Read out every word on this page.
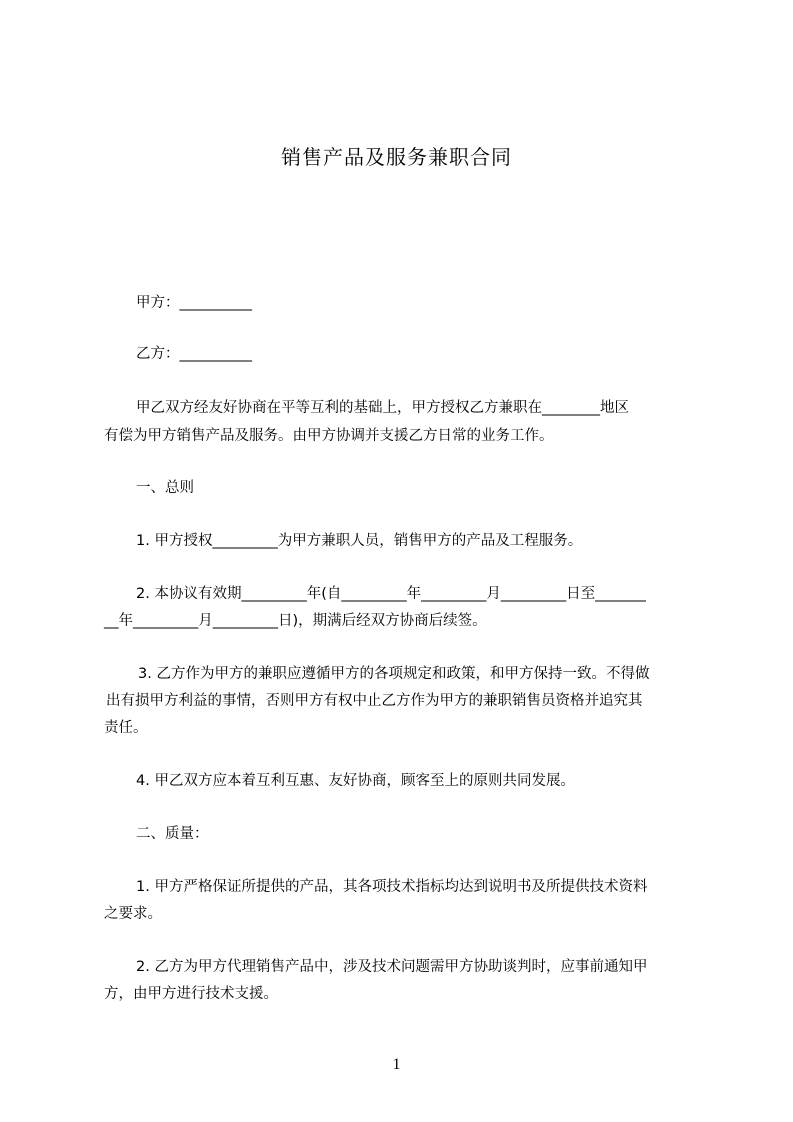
销售产品及服务兼职合同
甲方：__________
乙方：__________
甲乙双方经友好协商在平等互利的基础上，甲方授权乙方兼职在________地区
有偿为甲方销售产品及服务。由甲方协调并支援乙方日常的业务工作。
一、总则
1. 甲方授权_________为甲方兼职人员，销售甲方的产品及工程服务。
2. 本协议有效期_________年(自_________年_________月_________日至_______
__年_________月_________日)，期满后经双方协商后续签。
3. 乙方作为甲方的兼职应遵循甲方的各项规定和政策，和甲方保持一致。不得做
出有损甲方利益的事情，否则甲方有权中止乙方作为甲方的兼职销售员资格并追究其
责任。
4. 甲乙双方应本着互利互惠、友好协商，顾客至上的原则共同发展。
二、质量：
1. 甲方严格保证所提供的产品，其各项技术指标均达到说明书及所提供技术资料
之要求。
2. 乙方为甲方代理销售产品中，涉及技术问题需甲方协助谈判时，应事前通知甲
方，由甲方进行技术支援。
1
